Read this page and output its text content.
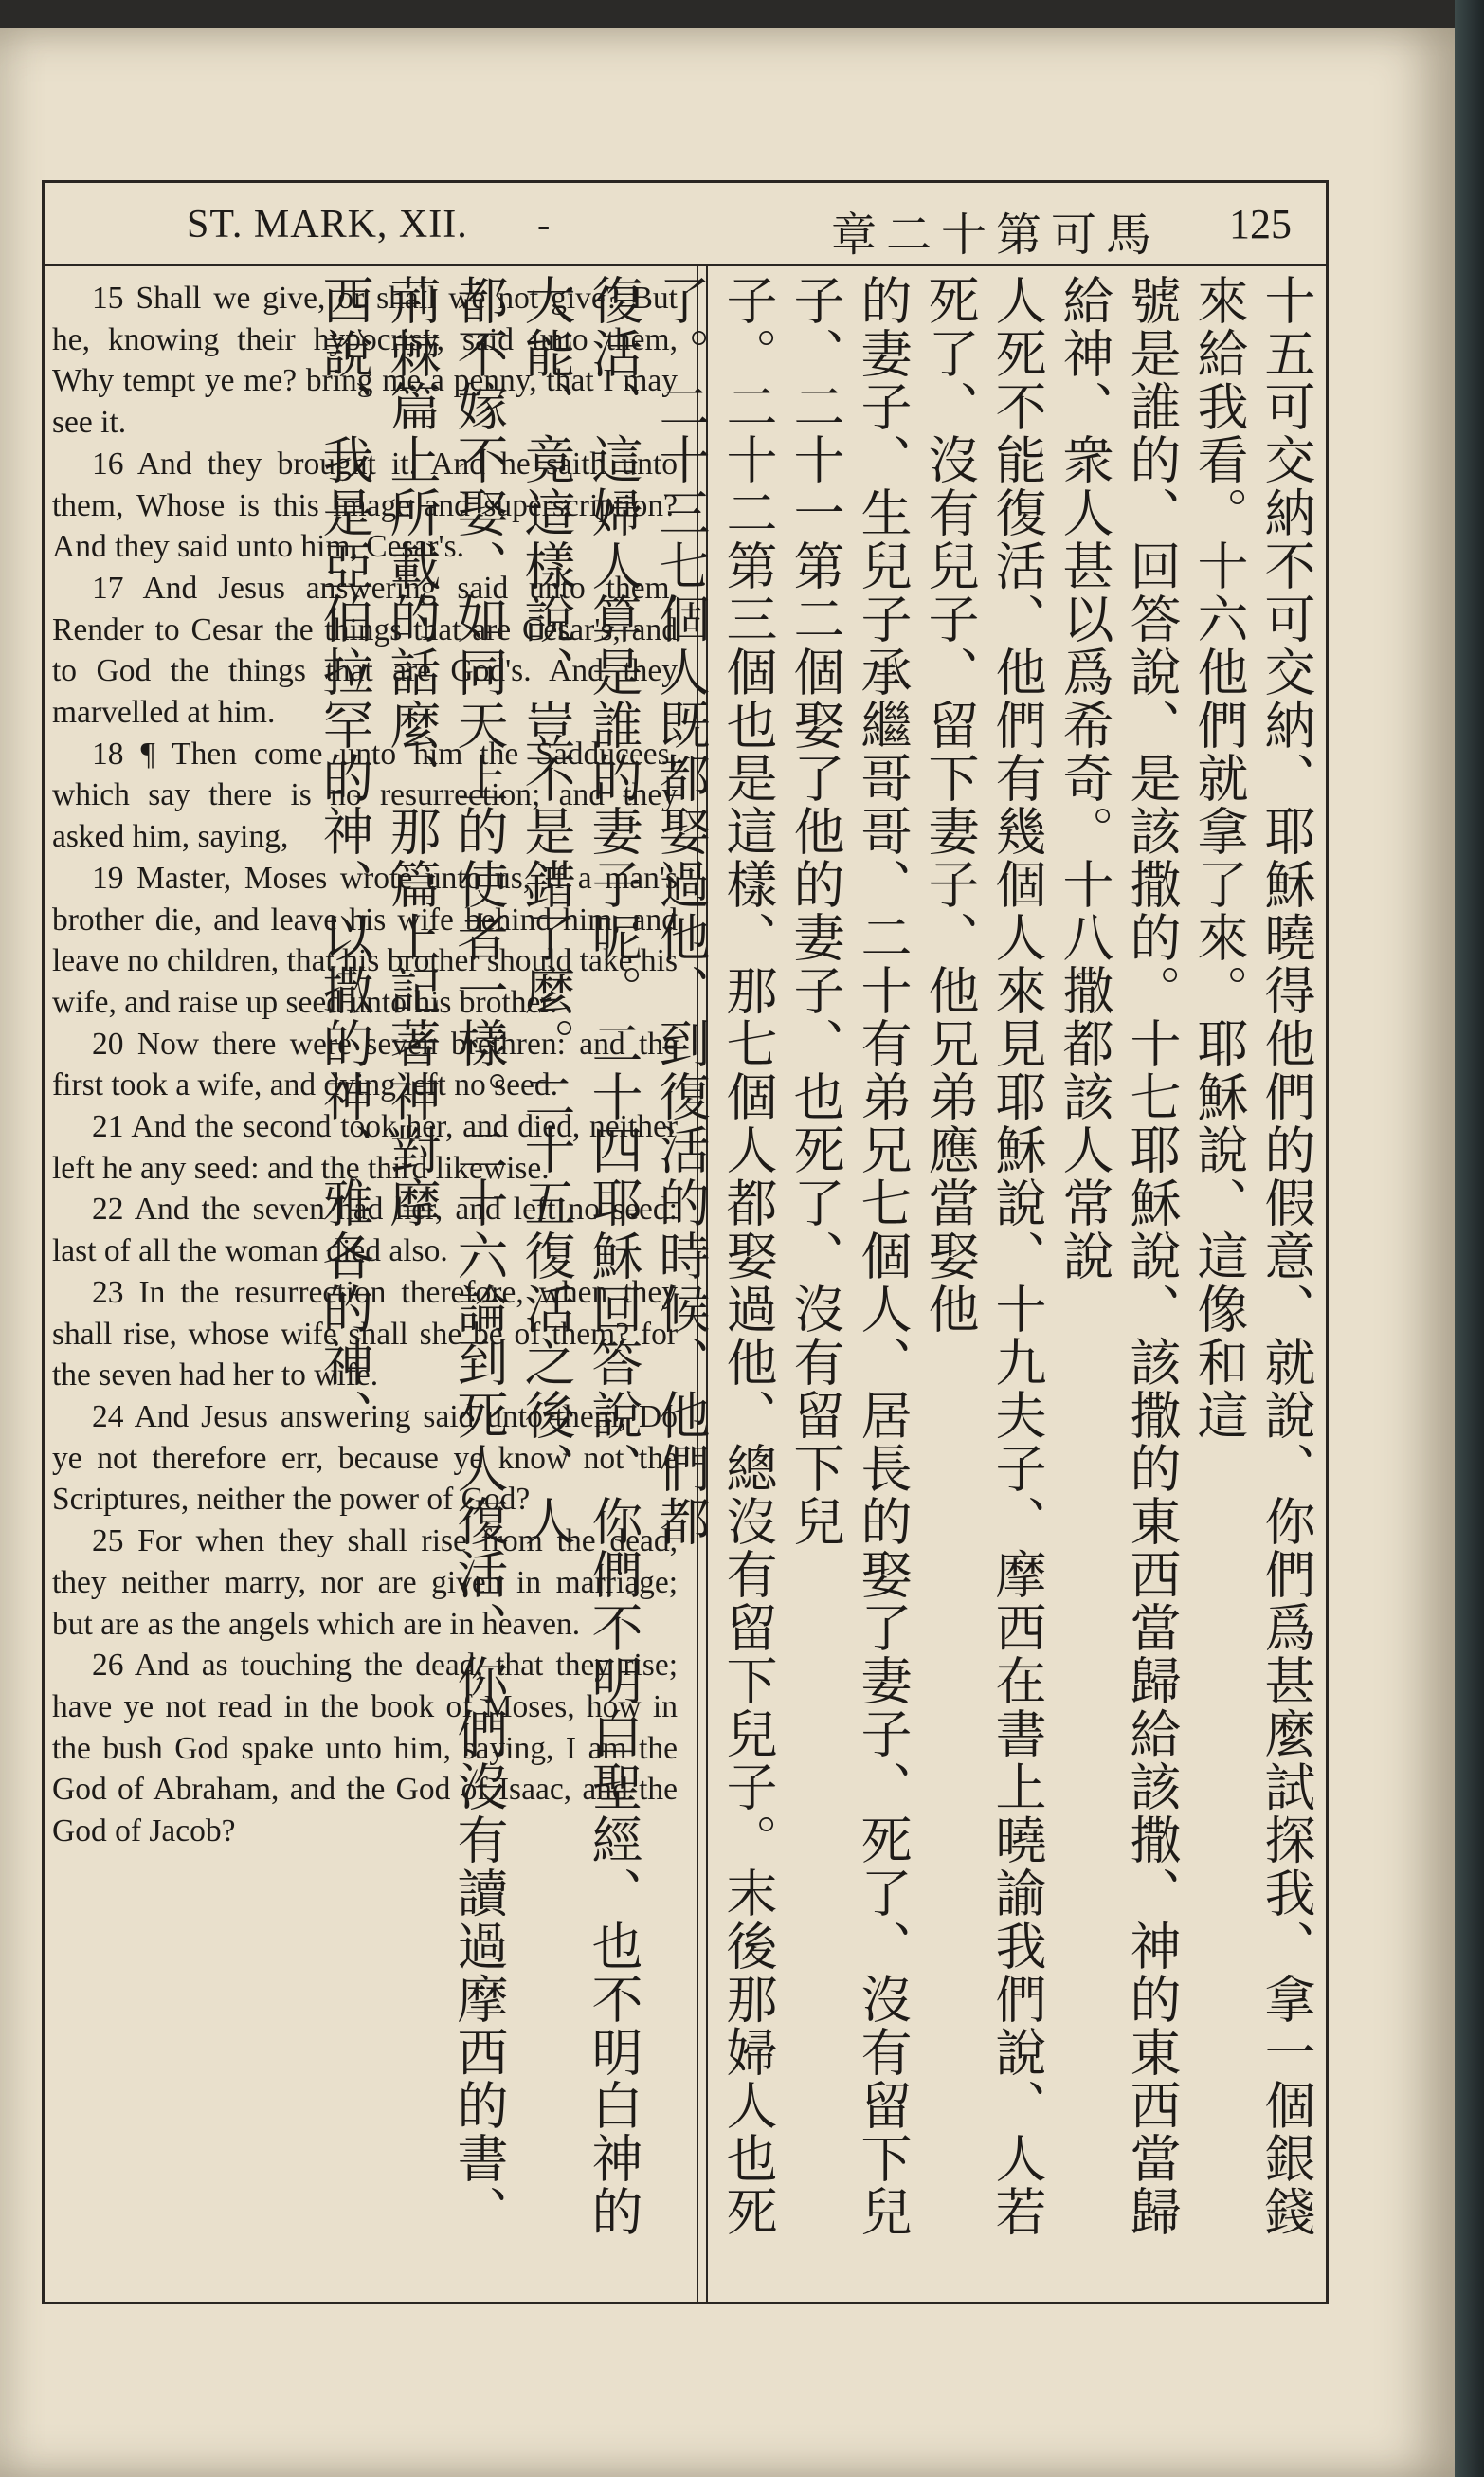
ST. MARK, XII. -	章二十第可馬 125

15 Shall we give, or shall we not give? But he, knowing their hypocrisy, said unto them, Why tempt ye me? bring me a penny, that I may see it.

16 And they brought it. And he saith unto them, Whose is this image and superscription? And they said unto him, Cesar's.

17 And Jesus answering said unto them, Render to Cesar the things that are Cesar's, and to God the things that are God's. And they marvelled at him.

18 ¶ Then come unto him the Sadducees, which say there is no resurrection; and they asked him, saying,

19 Master, Moses wrote unto us, If a man's brother die, and leave his wife behind him, and leave no children, that his brother should take his wife, and raise up seed unto his brother.

20 Now there were seven brethren: and the first took a wife, and dying left no seed.

21 And the second took her, and died, neither left he any seed: and the third likewise.

22 And the seven had her, and left no seed: last of all the woman died also.

23 In the resurrection therefore, when they shall rise, whose wife shall she be of them? for the seven had her to wife.

24 And Jesus answering said unto them, Do ye not therefore err, because ye know not the Scriptures, neither the power of God?

25 For when they shall rise from the dead, they neither marry, nor are given in marriage; but are as the angels which are in heaven.

26 And as touching the dead, that they rise; have ye not read in the book of Moses, how in the bush God spake unto him, saying, I am the God of Abraham, and the God of Isaac, and the God of Jacob?	十五可交納不可交納、耶穌曉得他們的假意、就說、你們爲甚麼試探我、拿一個銀錢來給我看。十六他們就拿了來。耶穌說、這像和這
號是誰的、回答說、是該撒的。十七耶穌說、該撒的東西當歸給該撒、神的東西當歸給神、衆人甚以爲希奇。十八撒都該人常說
人死不能復活、他們有幾個人來見耶穌說、十九夫子、摩西在書上曉諭我們說、人若死了、沒有兒子、留下妻子、他兄弟應當娶他
的妻子、生兒子承繼哥哥、二十有弟兄七個人、居長的娶了妻子、死了、沒有留下兒子、二十一第二個娶了他的妻子、也死了、沒有留下兒
子。二十二第三個也是這樣、那七個人都娶過他、總沒有留下兒子。末後那婦人也死了。二十三七個人既都娶過他、到復活的時候、他們都
復活、這婦人算是誰的妻子呢。二十四耶穌回答說、你們不明白聖經、也不明白神的大能、竟這樣說、豈不是錯了麼。二十五復活之後、人
都不嫁不娶、如同天上的使者一樣。二十六論到死人復活、你們沒有讀過摩西的書、荊棘篇上所載的話麼、那篇上記著神對摩
西說、我是亞伯拉罕的神、以撒的神、雅各的神、
